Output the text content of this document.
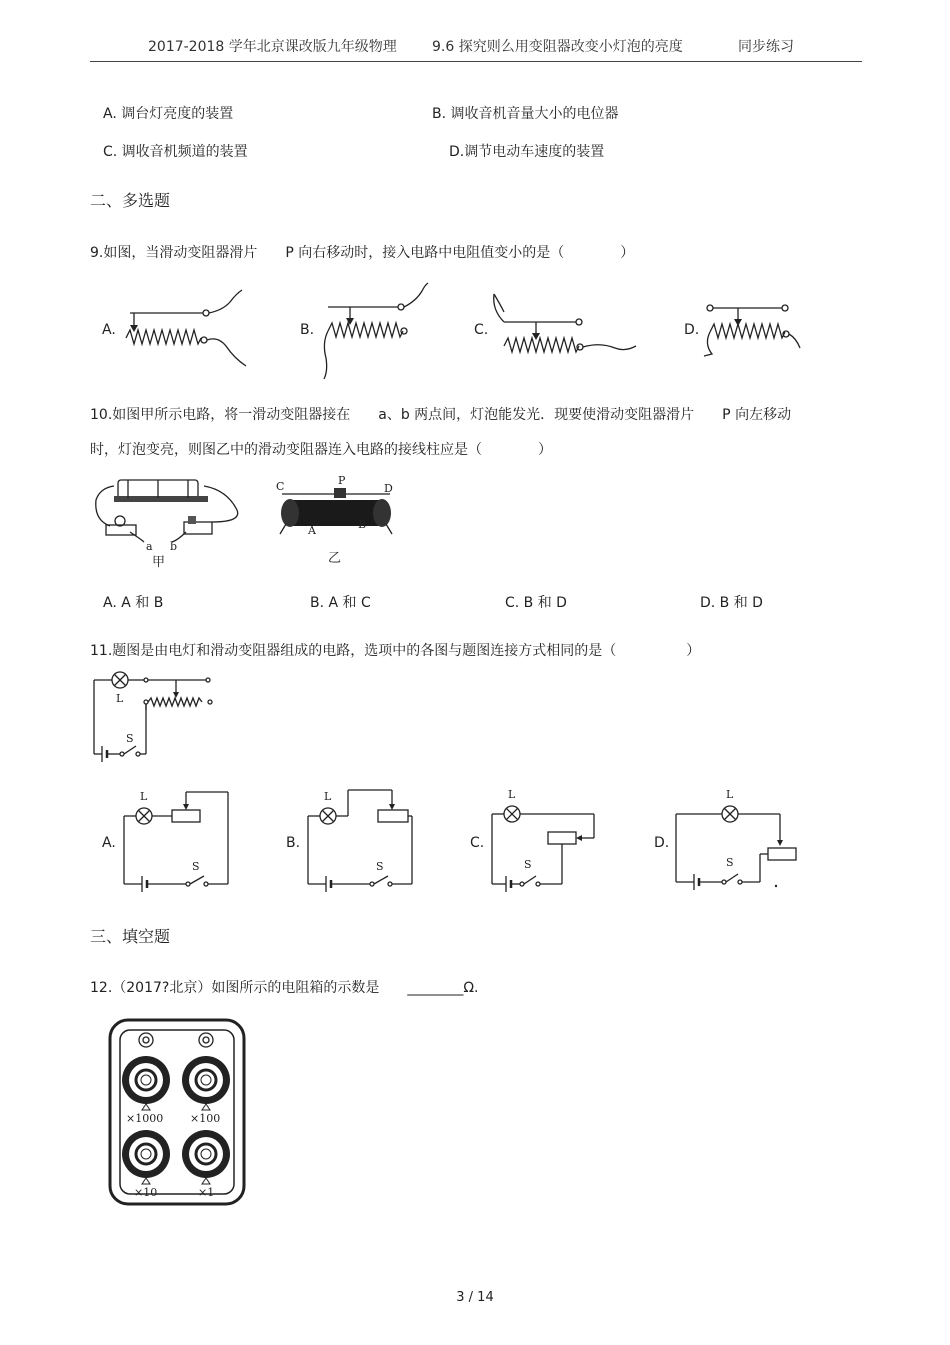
2017-2018 学年北京课改版九年级物理	9.6 探究则么用变阻器改变小灯泡的亮度	同步练习
A. 调台灯亮度的装置	B. 调收音机音量大小的电位器
C. 调收音机频道的装置	D.调节电动车速度的装置
二、多选题
9.如图，当滑动变阻器滑片　　P 向右移动时，接入电路中电阻值变小的是（　　　　）
A.	B.	C.	D.
10.如图甲所示电路，将一滑动变阻器接在　　a、b 两点间，灯泡能发光．现要使滑动变阻器滑片　　P 向左移动
时，灯泡变亮，则图乙中的滑动变阻器连入电路的接线柱应是（　　　　）
a b
甲
C	P
D
A	B
乙
A. A 和 B	B. A 和 C	C. B 和 D	D. B 和 D
11.题图是由电灯和滑动变阻器组成的电路，选项中的各图与题图连接方式相同的是（　　　　　）
L
S
A.
L
S
B.
L
S
C.
L
S
D.
L
S
三、填空题
12.（2017?北京）如图所示的电阻箱的示数是　　________Ω.
×1000 ×100
×10	×1
3 / 14
